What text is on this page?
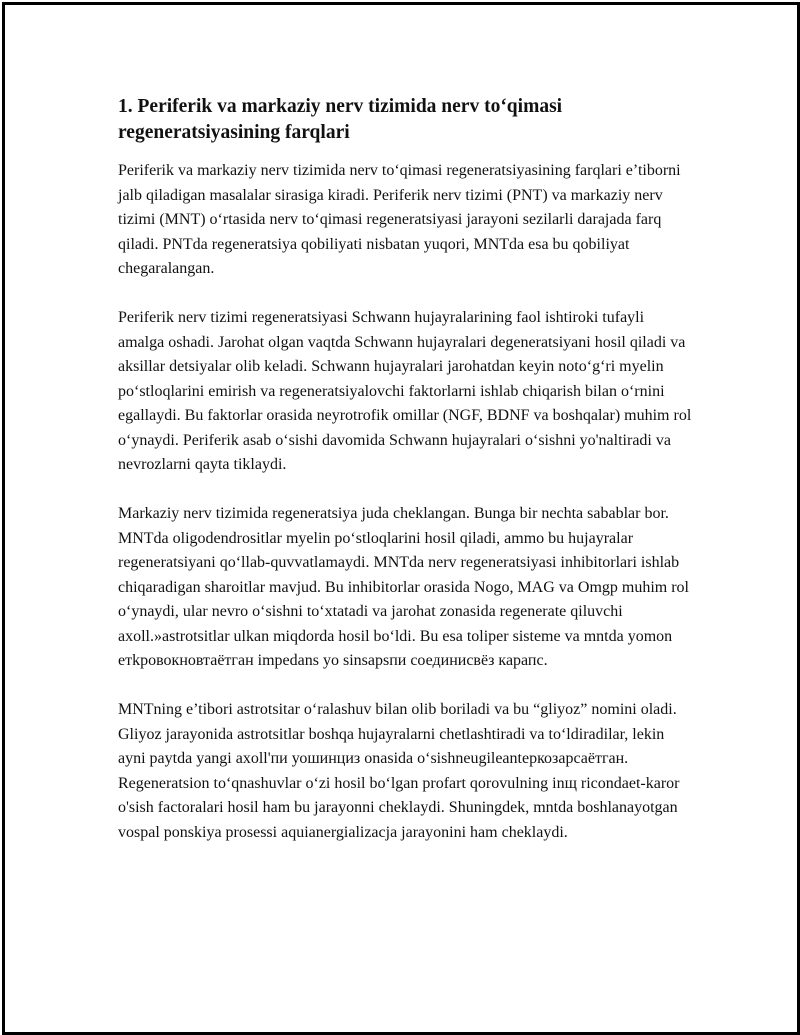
1. Periferik va markaziy nerv tizimida nerv to‘qimasi regeneratsiyasining farqlari

Periferik va markaziy nerv tizimida nerv to‘qimasi regeneratsiyasining farqlari e’tiborni jalb qiladigan masalalar sirasiga kiradi. Periferik nerv tizimi (PNT) va markaziy nerv tizimi (MNT) o‘rtasida nerv to‘qimasi regeneratsiyasi jarayoni sezilarli darajada farq qiladi. PNTda regeneratsiya qobiliyati nisbatan yuqori, MNTda esa bu qobiliyat chegaralangan.

Periferik nerv tizimi regeneratsiyasi Schwann hujayralarining faol ishtiroki tufayli amalga oshadi. Jarohat olgan vaqtda Schwann hujayralari degeneratsiyani hosil qiladi va aksillar detsiyalar olib keladi. Schwann hujayralari jarohatdan keyin noto‘g‘ri myelin po‘stloqlarini emirish va regeneratsiyalovchi faktorlarni ishlab chiqarish bilan o‘rnini egallaydi. Bu faktorlar orasida neyrotrofik omillar (NGF, BDNF va boshqalar) muhim rol o‘ynaydi. Periferik asab o‘sishi davomida Schwann hujayralari o‘sishni yo'naltiradi va nevrozlarni qayta tiklaydi.

Markaziy nerv tizimida regeneratsiya juda cheklangan. Bunga bir nechta sabablar bor. MNTda oligodendrositlar myelin po‘stloqlarini hosil qiladi, ammo bu hujayralar regeneratsiyani qo‘llab-quvvatlamaydi. MNTda nerv regeneratsiyasi inhibitorlari ishlab chiqaradigan sharoitlar mavjud. Bu inhibitorlar orasida Nogo, MAG va Omgp muhim rol o‘ynaydi, ular nevro o‘sishni to‘xtatadi va jarohat zonasida regenerate qiluvchi axoll.»astrotsitlar ulkan miqdorda hosil bo‘ldi. Bu esa toliper sisteme va mntda yomon етkровокновтаётган impedans yo sinsapsпи соединисвёз карапс.

MNTning e’tibori astrotsitar o‘ralashuv bilan olib boriladi va bu “gliyoz” nomini oladi. Gliyoz jarayonida astrotsitlar boshqa hujayralarni chetlashtiradi va to‘ldiradilar, lekin ayni paytda yangi axoll'пи уошинциз onasida o‘sishneugileanteркозарсаётган. Regeneratsion to‘qnashuvlar o‘zi hosil bo‘lgan profart qorovulning inщ ricondaet-karor o'sish factoralari hosil ham bu jarayonni cheklaydi. Shuningdek, mntda boshlanayotgan vospal ponskiya prosessi aquianergializacja jarayonini ham cheklaydi.
